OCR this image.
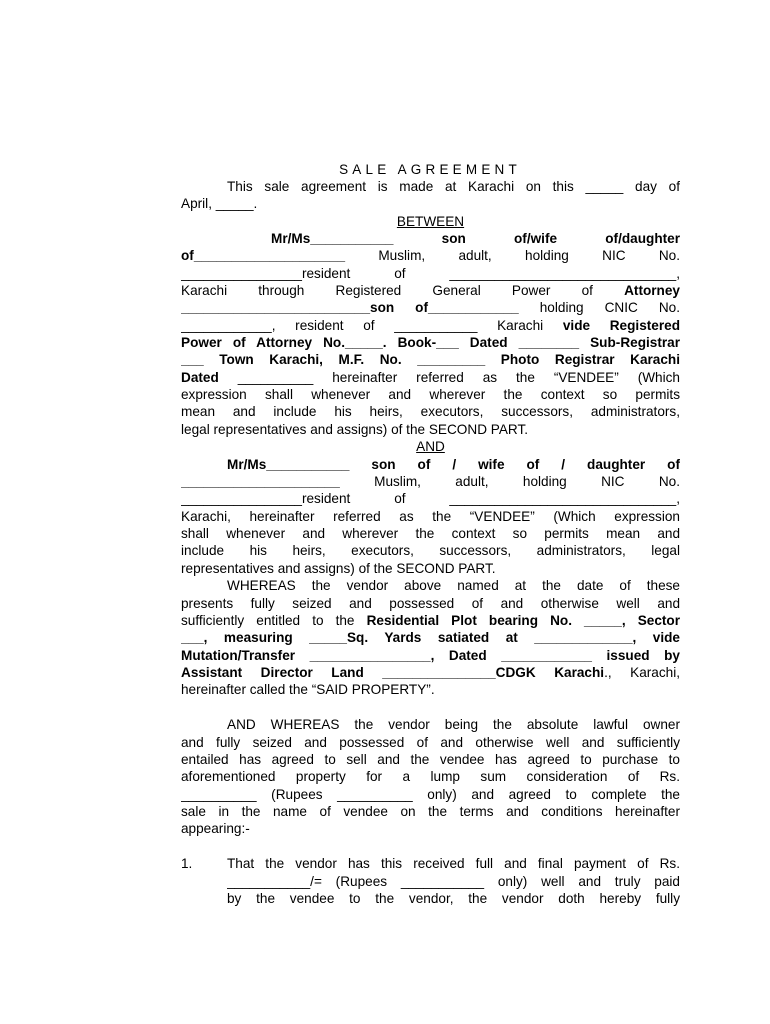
SALE AGREEMENT
This sale agreement is made at Karachi on this _____ day of
April, _____.
BETWEEN
Mr/Ms___________	son of/wife of/daughter
of____________________ Muslim, adult, holding NIC No.
________________resident of ______________________________,
Karachi through Registered General Power of Attorney
_________________________son of____________ holding CNIC No.
____________, resident of ___________ Karachi vide Registered
Power of Attorney No._____. Book-___ Dated ________ Sub-Registrar
___ Town Karachi, M.F. No. _________ Photo Registrar Karachi
Dated __________ hereinafter referred as the “VENDEE” (Which
expression shall whenever and wherever the context so permits
mean and include his heirs, executors, successors, administrators,
legal representatives and assigns) of the SECOND PART.
AND
Mr/Ms___________ son of / wife of / daughter of
_____________________	Muslim, adult, holding NIC No.
________________resident of ______________________________,
Karachi, hereinafter referred as the “VENDEE” (Which expression
shall whenever and wherever the context so permits mean and
include his heirs, executors, successors, administrators, legal
representatives and assigns) of the SECOND PART.
WHEREAS the vendor above named at the date of these
presents fully seized and possessed of and otherwise well and
sufficiently entitled to the Residential Plot bearing No. _____, Sector
___, measuring _____Sq. Yards satiated at _____________, vide
Mutation/Transfer ________________, Dated ____________ issued by
Assistant Director Land _______________CDGK Karachi., Karachi,
hereinafter called the “SAID PROPERTY”.
AND WHEREAS the vendor being the absolute lawful owner
and fully seized and possessed of and otherwise well and sufficiently
entailed has agreed to sell and the vendee has agreed to purchase to
aforementioned property for a lump sum consideration of Rs.
__________ (Rupees __________ only) and agreed to complete the
sale in the name of vendee on the terms and conditions hereinafter
appearing:-
1.	That the vendor has this received full and final payment of Rs.
___________/= (Rupees ___________ only) well and truly paid
by the vendee to the vendor, the vendor doth hereby fully
